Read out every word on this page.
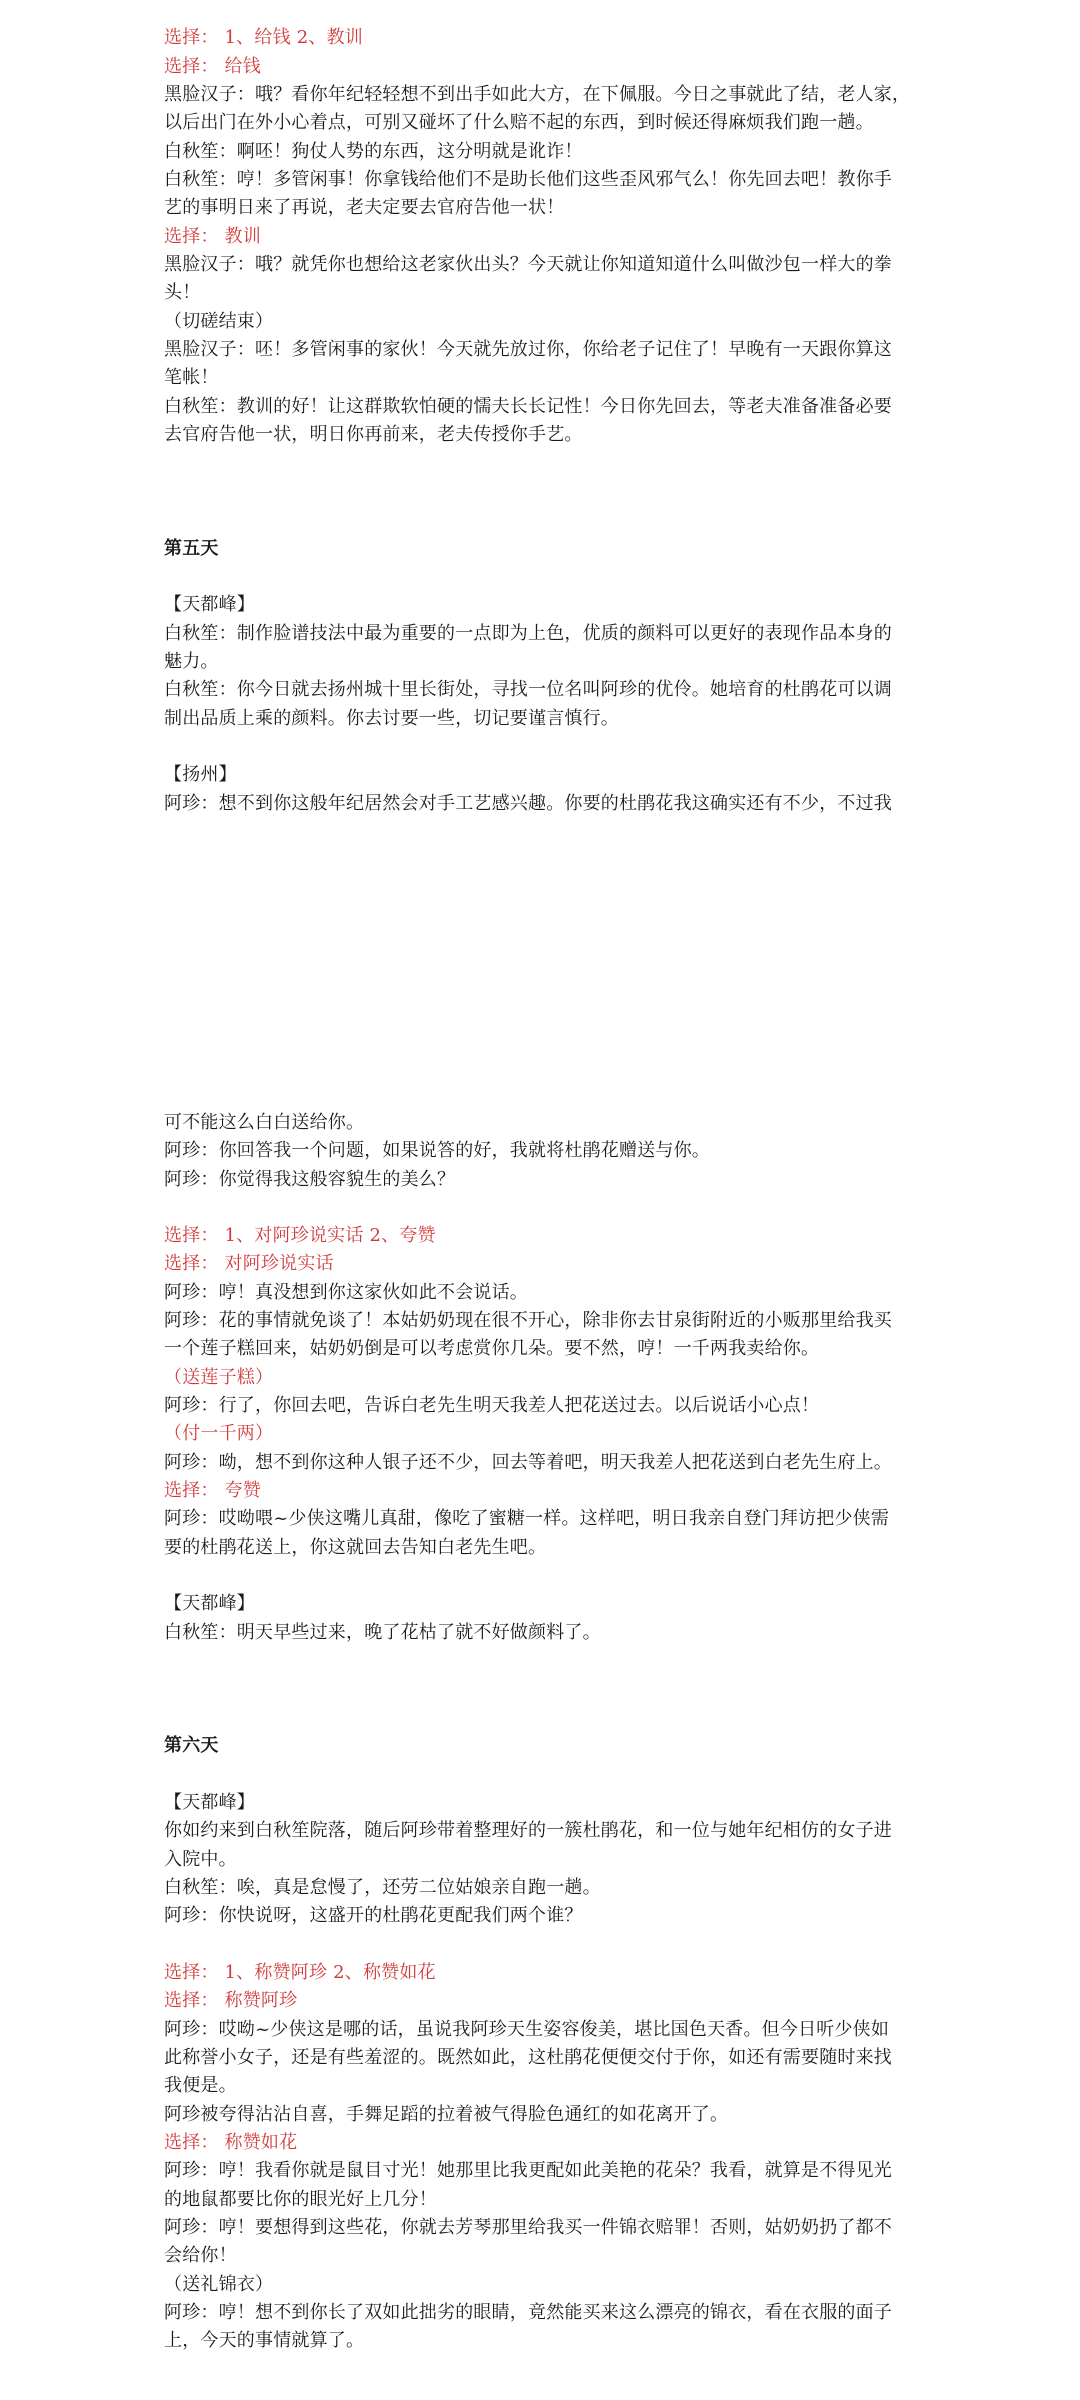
选择： 1、给钱 2、教训
选择： 给钱
黑脸汉子：哦？看你年纪轻轻想不到出手如此大方，在下佩服。今日之事就此了结，老人家，
以后出门在外小心着点，可别又碰坏了什么赔不起的东西，到时候还得麻烦我们跑一趟。
白秋笙：啊呸！狗仗人势的东西，这分明就是讹诈！
白秋笙：哼！多管闲事！你拿钱给他们不是助长他们这些歪风邪气么！你先回去吧！教你手
艺的事明日来了再说，老夫定要去官府告他一状！
选择： 教训
黑脸汉子：哦？就凭你也想给这老家伙出头？今天就让你知道知道什么叫做沙包一样大的拳
头！
（切磋结束）
黑脸汉子：呸！多管闲事的家伙！今天就先放过你，你给老子记住了！早晚有一天跟你算这
笔帐！
白秋笙：教训的好！让这群欺软怕硬的懦夫长长记性！今日你先回去，等老夫准备准备必要
去官府告他一状，明日你再前来，老夫传授你手艺。
第五天
【天都峰】
白秋笙：制作脸谱技法中最为重要的一点即为上色，优质的颜料可以更好的表现作品本身的
魅力。
白秋笙：你今日就去扬州城十里长街处，寻找一位名叫阿珍的优伶。她培育的杜鹃花可以调
制出品质上乘的颜料。你去讨要一些，切记要谨言慎行。
【扬州】
阿珍：想不到你这般年纪居然会对手工艺感兴趣。你要的杜鹃花我这确实还有不少，不过我
可不能这么白白送给你。
阿珍：你回答我一个问题，如果说答的好，我就将杜鹃花赠送与你。
阿珍：你觉得我这般容貌生的美么？
选择： 1、对阿珍说实话 2、夸赞
选择： 对阿珍说实话
阿珍：哼！真没想到你这家伙如此不会说话。
阿珍：花的事情就免谈了！本姑奶奶现在很不开心，除非你去甘泉街附近的小贩那里给我买
一个莲子糕回来，姑奶奶倒是可以考虑赏你几朵。要不然，哼！一千两我卖给你。
（送莲子糕）
阿珍：行了，你回去吧，告诉白老先生明天我差人把花送过去。以后说话小心点！
（付一千两）
阿珍：呦，想不到你这种人银子还不少，回去等着吧，明天我差人把花送到白老先生府上。
选择： 夸赞
阿珍：哎呦喂~少侠这嘴儿真甜，像吃了蜜糖一样。这样吧，明日我亲自登门拜访把少侠需
要的杜鹃花送上，你这就回去告知白老先生吧。
【天都峰】
白秋笙：明天早些过来，晚了花枯了就不好做颜料了。
第六天
【天都峰】
你如约来到白秋笙院落，随后阿珍带着整理好的一簇杜鹃花，和一位与她年纪相仿的女子进
入院中。
白秋笙：唉，真是怠慢了，还劳二位姑娘亲自跑一趟。
阿珍：你快说呀，这盛开的杜鹃花更配我们两个谁？
选择： 1、称赞阿珍 2、称赞如花
选择： 称赞阿珍
阿珍：哎呦~少侠这是哪的话，虽说我阿珍天生姿容俊美，堪比国色天香。但今日听少侠如
此称誉小女子，还是有些羞涩的。既然如此，这杜鹃花便便交付于你，如还有需要随时来找
我便是。
阿珍被夸得沾沾自喜，手舞足蹈的拉着被气得脸色通红的如花离开了。
选择： 称赞如花
阿珍：哼！我看你就是鼠目寸光！她那里比我更配如此美艳的花朵？我看，就算是不得见光
的地鼠都要比你的眼光好上几分！
阿珍：哼！要想得到这些花，你就去芳琴那里给我买一件锦衣赔罪！否则，姑奶奶扔了都不
会给你！
（送礼锦衣）
阿珍：哼！想不到你长了双如此拙劣的眼睛，竟然能买来这么漂亮的锦衣，看在衣服的面子
上，今天的事情就算了。
